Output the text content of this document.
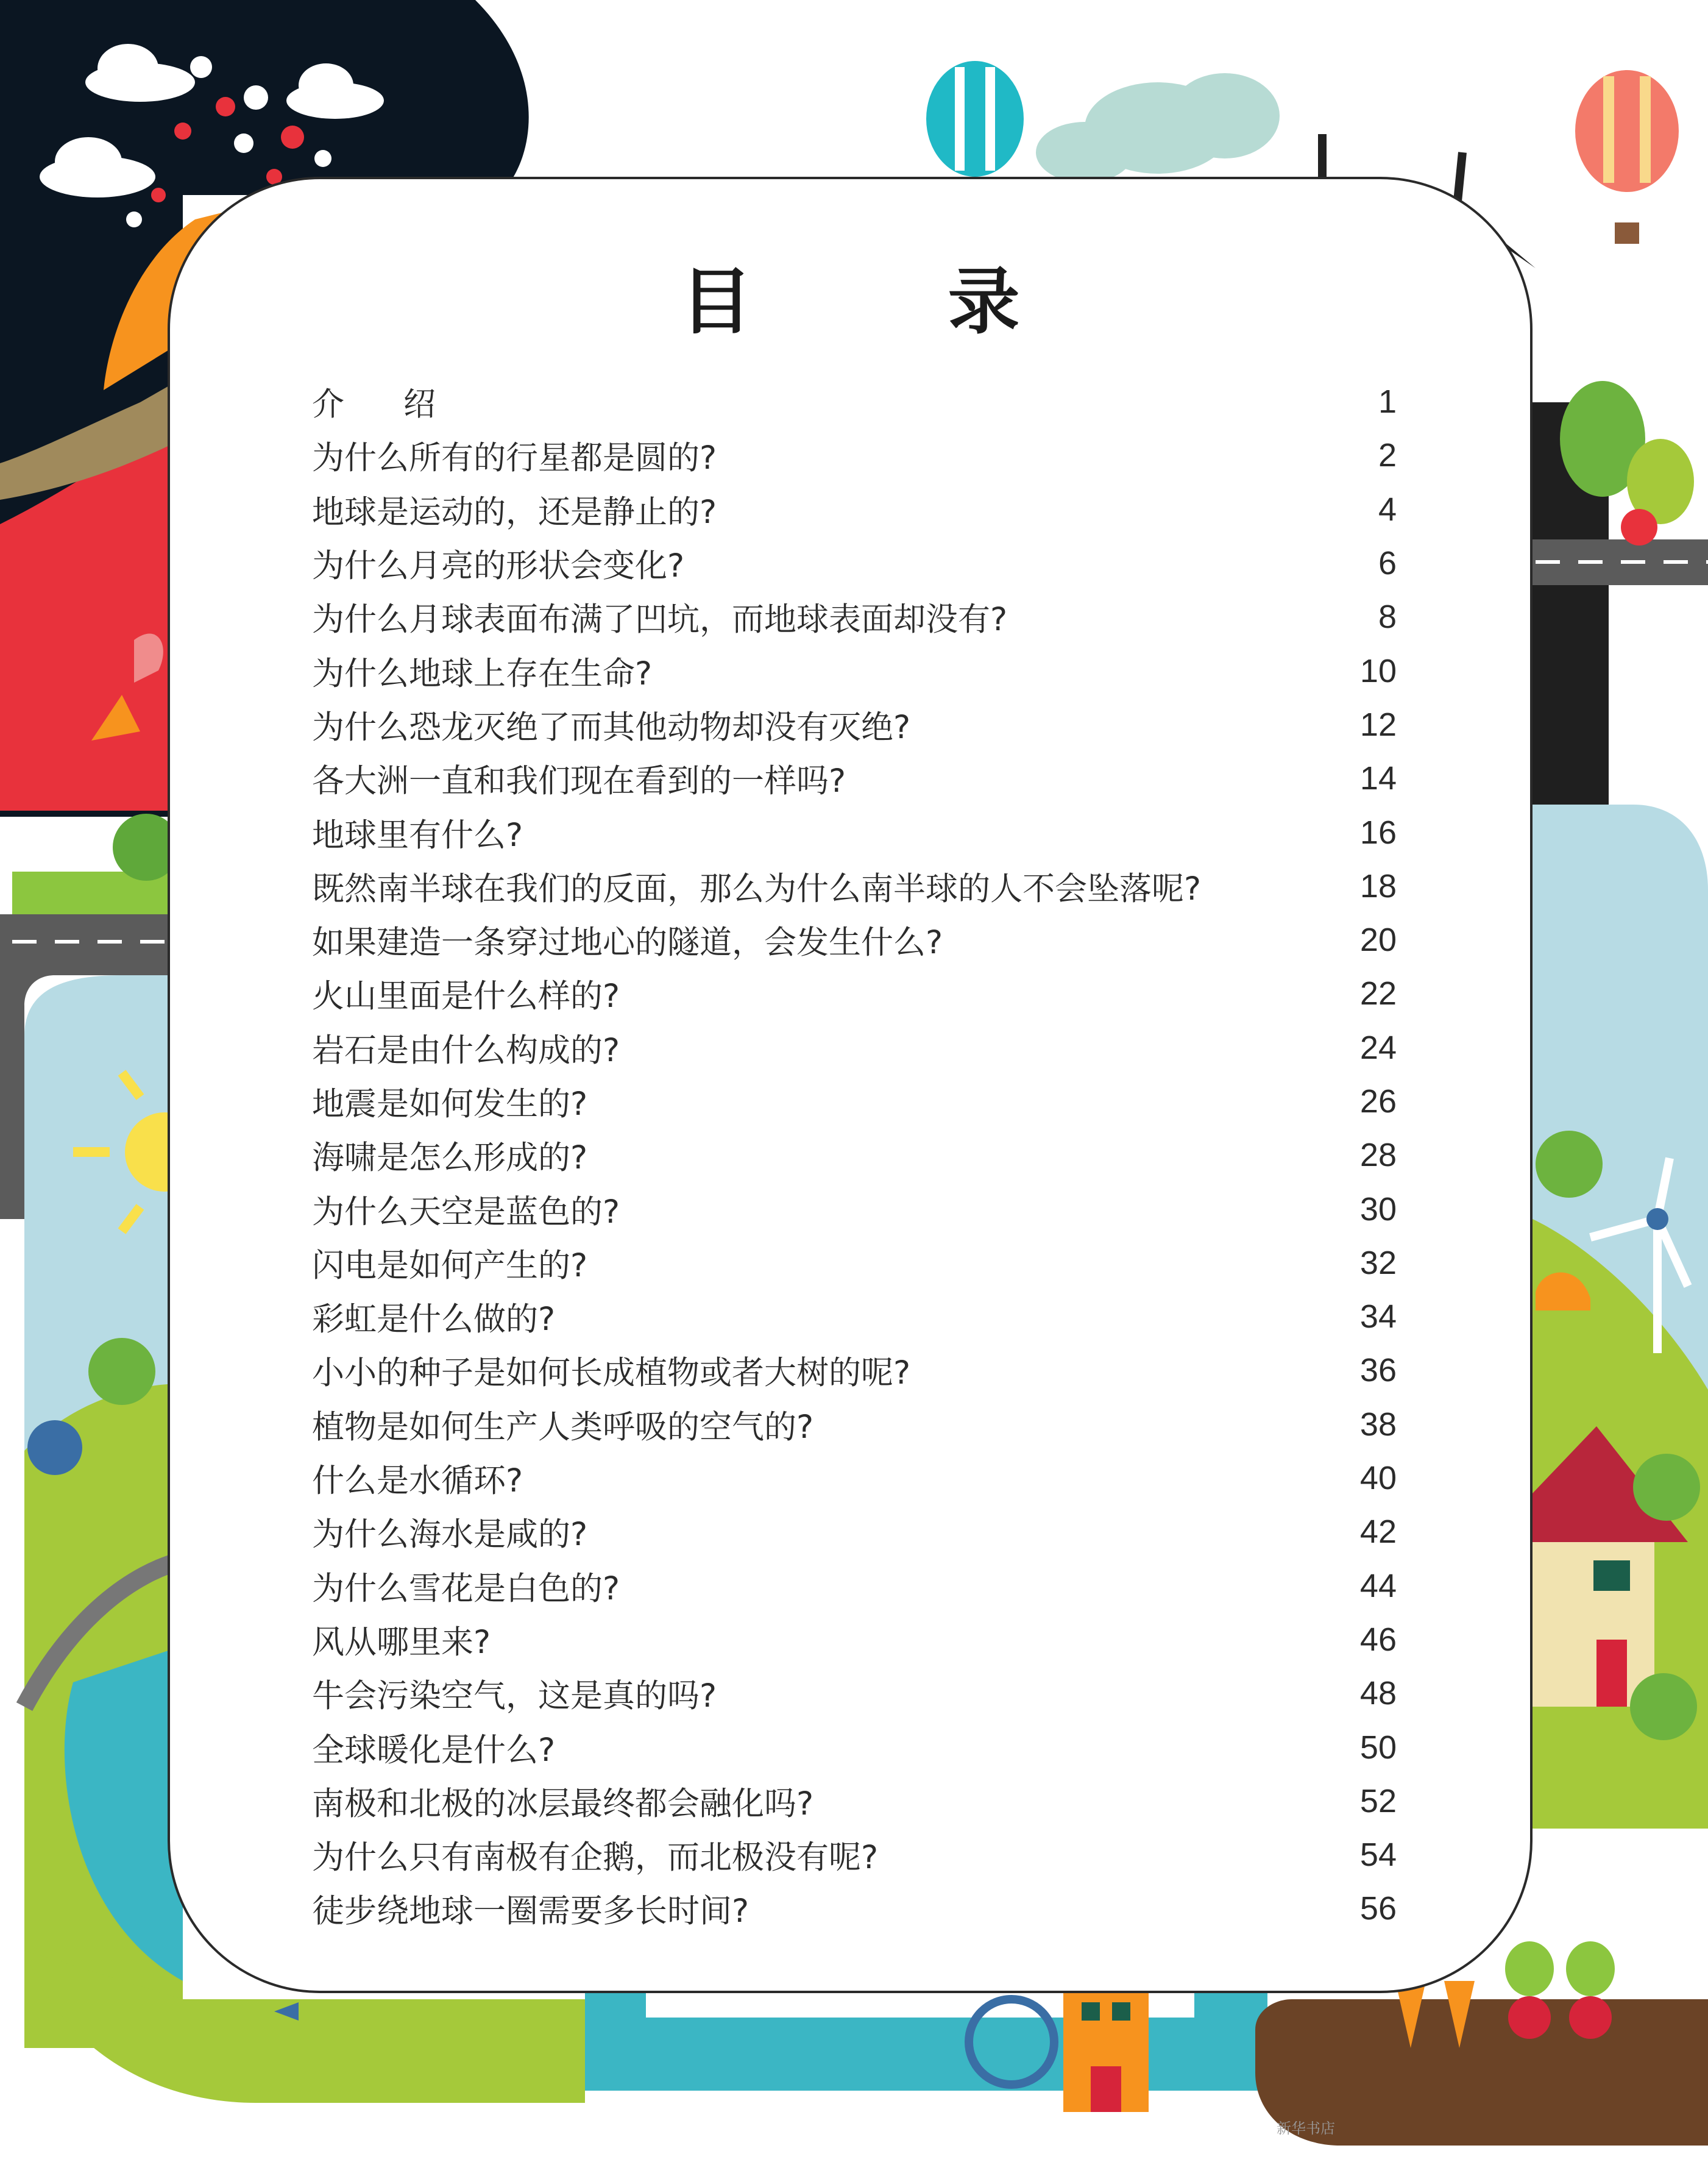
目 录
介 绍	1
为什么所有的行星都是圆的?	2
地球是运动的，还是静止的?	4
为什么月亮的形状会变化?	6
为什么月球表面布满了凹坑，而地球表面却没有?	8
为什么地球上存在生命?	10
为什么恐龙灭绝了而其他动物却没有灭绝?	12
各大洲一直和我们现在看到的一样吗?	14
地球里有什么?	16
既然南半球在我们的反面，那么为什么南半球的人不会坠落呢?	18
如果建造一条穿过地心的隧道，会发生什么?	20
火山里面是什么样的?	22
岩石是由什么构成的?	24
地震是如何发生的?	26
海啸是怎么形成的?	28
为什么天空是蓝色的?	30
闪电是如何产生的?	32
彩虹是什么做的?	34
小小的种子是如何长成植物或者大树的呢?	36
植物是如何生产人类呼吸的空气的?	38
什么是水循环?	40
为什么海水是咸的?	42
为什么雪花是白色的?	44
风从哪里来?	46
牛会污染空气，这是真的吗?	48
全球暖化是什么?	50
南极和北极的冰层最终都会融化吗?	52
为什么只有南极有企鹅，而北极没有呢?	54
徒步绕地球一圈需要多长时间?	56
新华书店
